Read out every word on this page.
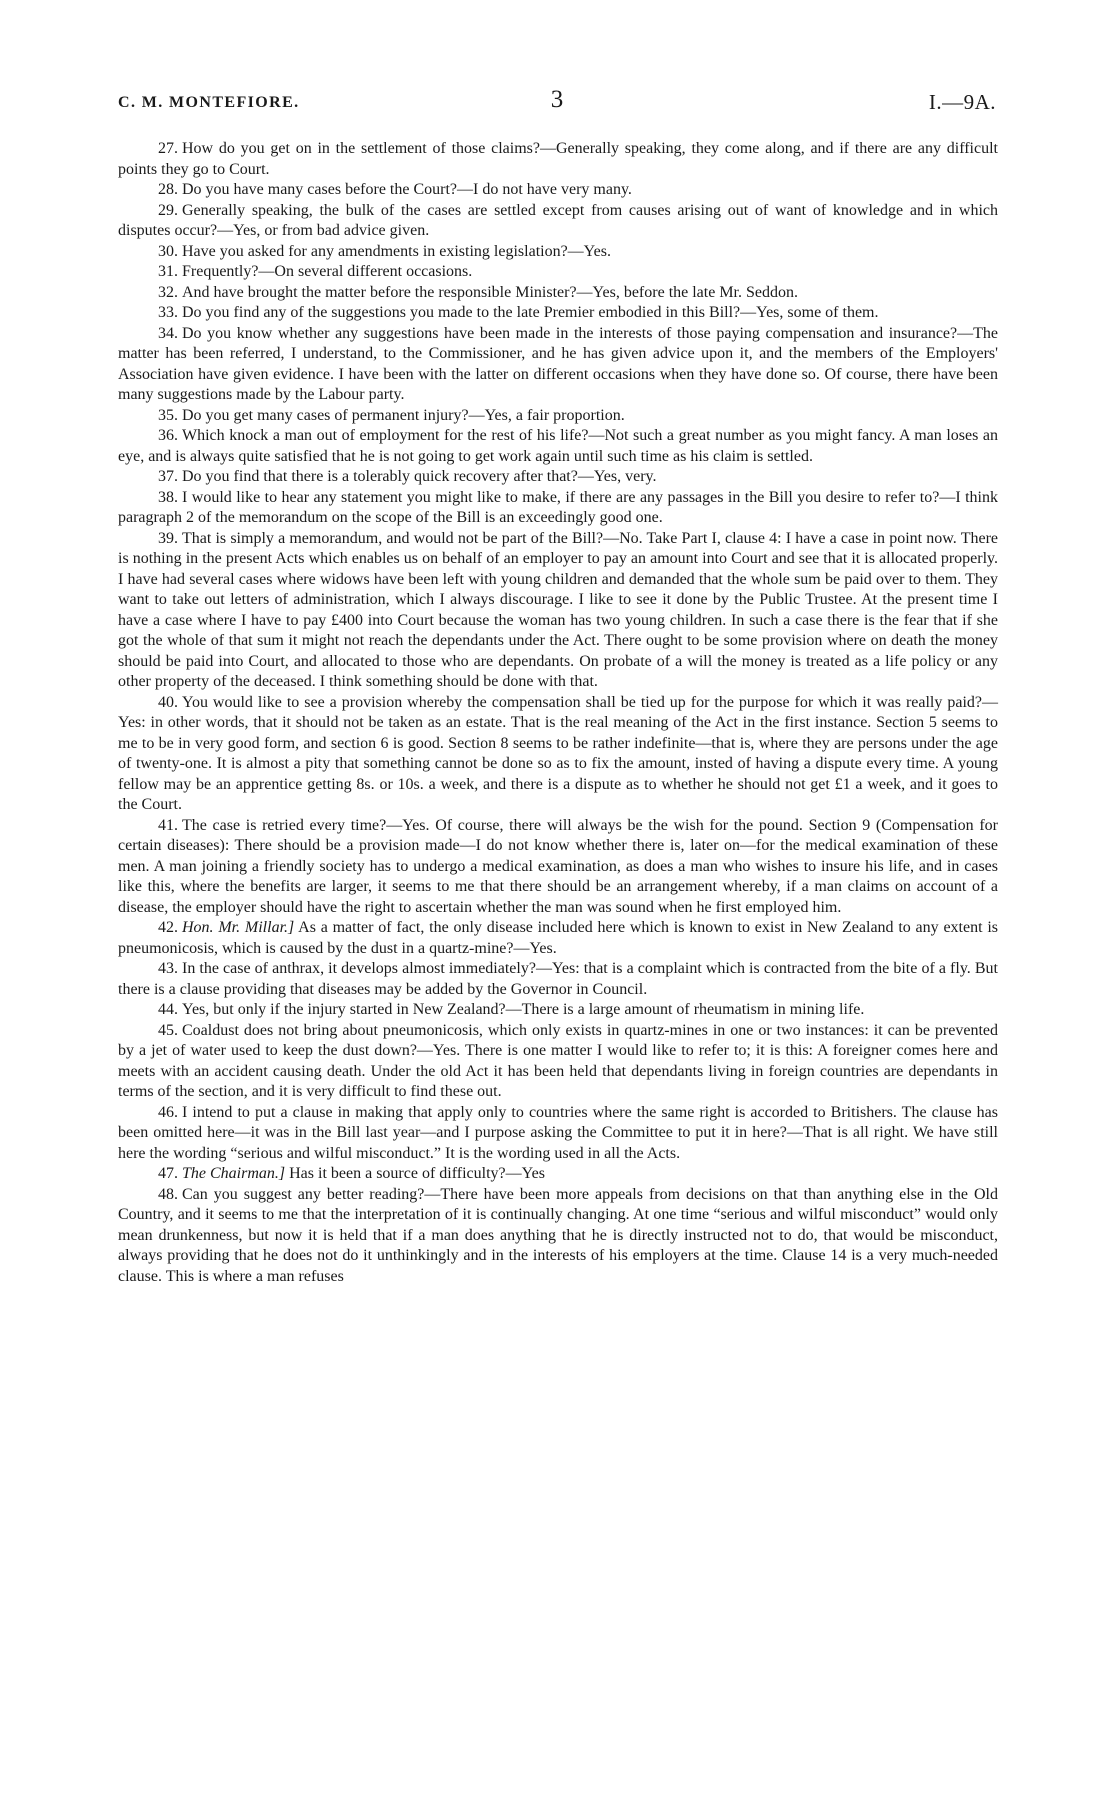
C. M. MONTEFIORE.	3	I.—9A.

27. How do you get on in the settlement of those claims?—Generally speaking, they come along, and if there are any difficult points they go to Court.

28. Do you have many cases before the Court?—I do not have very many.

29. Generally speaking, the bulk of the cases are settled except from causes arising out of want of knowledge and in which disputes occur?—Yes, or from bad advice given.

30. Have you asked for any amendments in existing legislation?—Yes.

31. Frequently?—On several different occasions.

32. And have brought the matter before the responsible Minister?—Yes, before the late Mr. Seddon.

33. Do you find any of the suggestions you made to the late Premier embodied in this Bill?—Yes, some of them.

34. Do you know whether any suggestions have been made in the interests of those paying compensation and insurance?—The matter has been referred, I understand, to the Commissioner, and he has given advice upon it, and the members of the Employers' Association have given evidence. I have been with the latter on different occasions when they have done so. Of course, there have been many suggestions made by the Labour party.

35. Do you get many cases of permanent injury?—Yes, a fair proportion.

36. Which knock a man out of employment for the rest of his life?—Not such a great number as you might fancy. A man loses an eye, and is always quite satisfied that he is not going to get work again until such time as his claim is settled.

37. Do you find that there is a tolerably quick recovery after that?—Yes, very.

38. I would like to hear any statement you might like to make, if there are any passages in the Bill you desire to refer to?—I think paragraph 2 of the memorandum on the scope of the Bill is an exceedingly good one.

39. That is simply a memorandum, and would not be part of the Bill?—No. Take Part I, clause 4: I have a case in point now. There is nothing in the present Acts which enables us on behalf of an employer to pay an amount into Court and see that it is allocated properly. I have had several cases where widows have been left with young children and demanded that the whole sum be paid over to them. They want to take out letters of administration, which I always discourage. I like to see it done by the Public Trustee. At the present time I have a case where I have to pay £400 into Court because the woman has two young children. In such a case there is the fear that if she got the whole of that sum it might not reach the dependants under the Act. There ought to be some provision where on death the money should be paid into Court, and allocated to those who are dependants. On probate of a will the money is treated as a life policy or any other property of the deceased. I think something should be done with that.

40. You would like to see a provision whereby the compensation shall be tied up for the purpose for which it was really paid?—Yes: in other words, that it should not be taken as an estate. That is the real meaning of the Act in the first instance. Section 5 seems to me to be in very good form, and section 6 is good. Section 8 seems to be rather indefinite—that is, where they are persons under the age of twenty-one. It is almost a pity that something cannot be done so as to fix the amount, insted of having a dispute every time. A young fellow may be an apprentice getting 8s. or 10s. a week, and there is a dispute as to whether he should not get £1 a week, and it goes to the Court.

41. The case is retried every time?—Yes. Of course, there will always be the wish for the pound. Section 9 (Compensation for certain diseases): There should be a provision made—I do not know whether there is, later on—for the medical examination of these men. A man joining a friendly society has to undergo a medical examination, as does a man who wishes to insure his life, and in cases like this, where the benefits are larger, it seems to me that there should be an arrangement whereby, if a man claims on account of a disease, the employer should have the right to ascertain whether the man was sound when he first employed him.

42. Hon. Mr. Millar.] As a matter of fact, the only disease included here which is known to exist in New Zealand to any extent is pneumonicosis, which is caused by the dust in a quartz-mine?—Yes.

43. In the case of anthrax, it develops almost immediately?—Yes: that is a complaint which is contracted from the bite of a fly. But there is a clause providing that diseases may be added by the Governor in Council.

44. Yes, but only if the injury started in New Zealand?—There is a large amount of rheumatism in mining life.

45. Coaldust does not bring about pneumonicosis, which only exists in quartz-mines in one or two instances: it can be prevented by a jet of water used to keep the dust down?—Yes. There is one matter I would like to refer to; it is this: A foreigner comes here and meets with an accident causing death. Under the old Act it has been held that dependants living in foreign countries are dependants in terms of the section, and it is very difficult to find these out.

46. I intend to put a clause in making that apply only to countries where the same right is accorded to Britishers. The clause has been omitted here—it was in the Bill last year—and I purpose asking the Committee to put it in here?—That is all right. We have still here the wording “serious and wilful misconduct.” It is the wording used in all the Acts.

47. The Chairman.] Has it been a source of difficulty?—Yes

48. Can you suggest any better reading?—There have been more appeals from decisions on that than anything else in the Old Country, and it seems to me that the interpretation of it is continually changing. At one time “serious and wilful misconduct” would only mean drunkenness, but now it is held that if a man does anything that he is directly instructed not to do, that would be misconduct, always providing that he does not do it unthinkingly and in the interests of his employers at the time. Clause 14 is a very much-needed clause. This is where a man refuses
